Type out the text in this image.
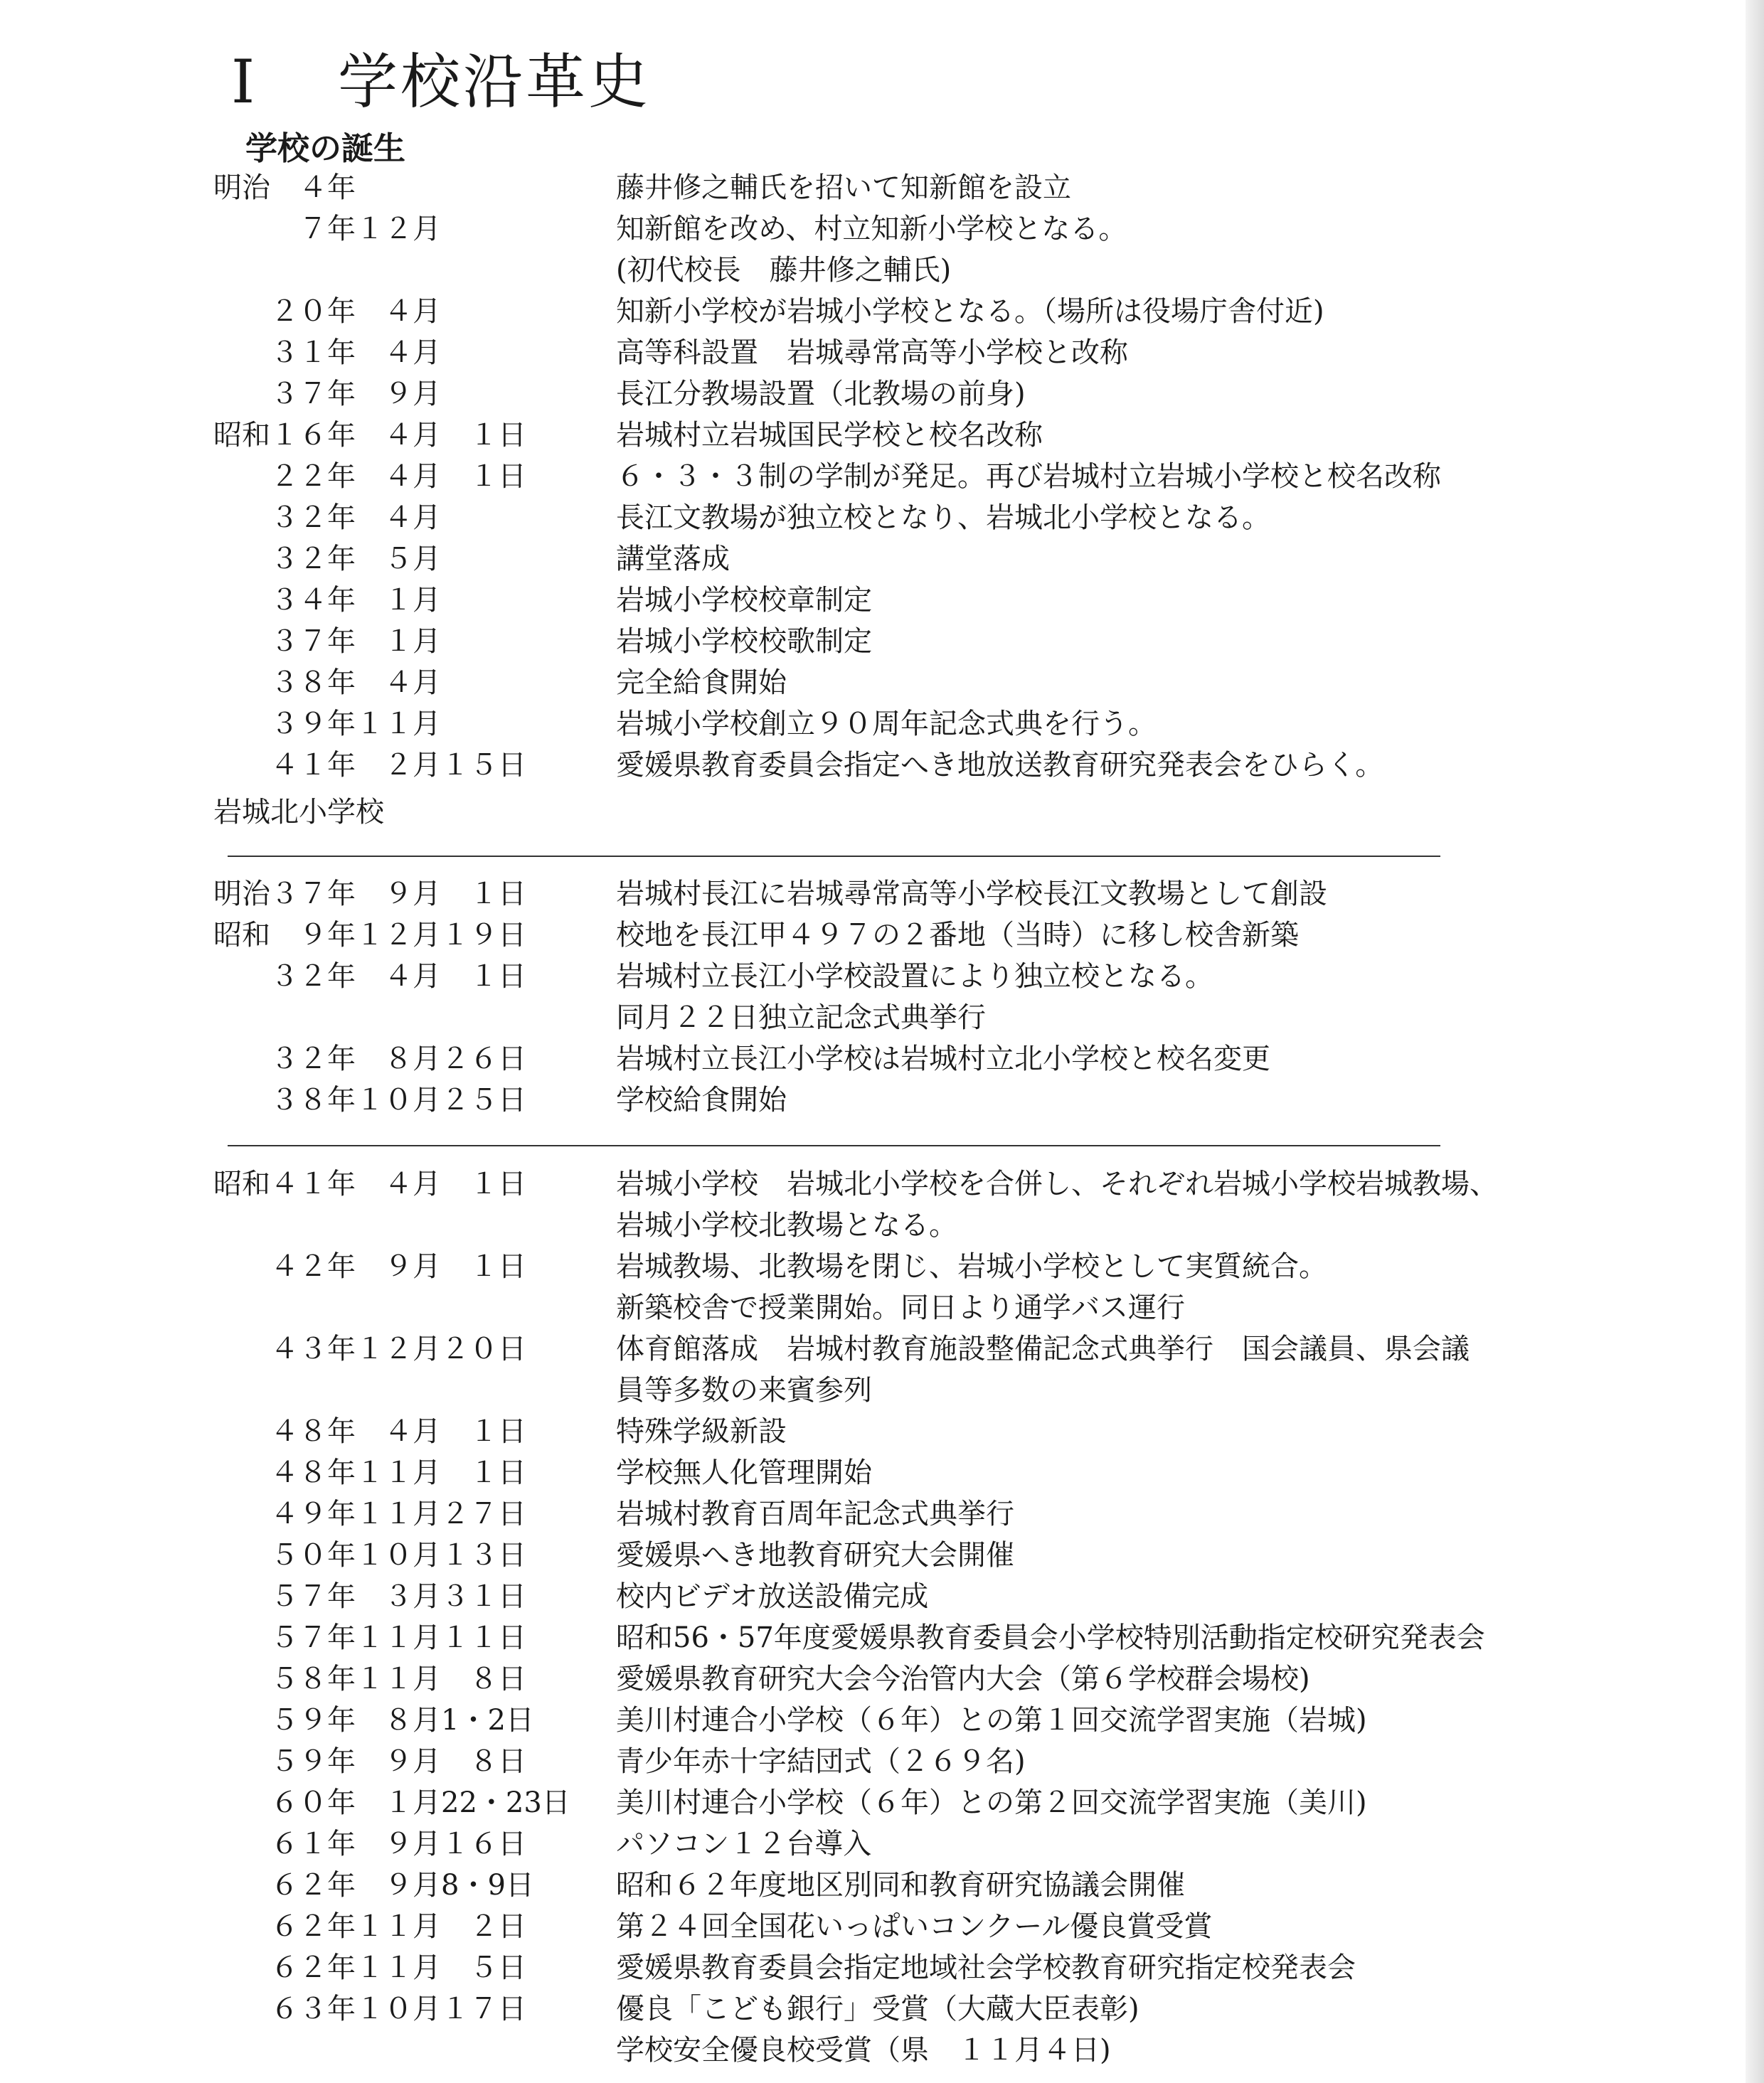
I 学校沿革史
学校の誕生
明治　４年	藤井修之輔氏を招いて知新館を設立
　　　７年１２月	知新館を改め、村立知新小学校となる。
(初代校長　藤井修之輔氏)
　　２０年　４月	知新小学校が岩城小学校となる。（場所は役場庁舎付近)
　　３１年　４月	高等科設置　岩城尋常高等小学校と改称
　　３７年　９月	長江分教場設置（北教場の前身)
昭和１６年　４月　１日	岩城村立岩城国民学校と校名改称
　　２２年　４月　１日	６・３・３制の学制が発足。再び岩城村立岩城小学校と校名改称
　　３２年　４月	長江文教場が独立校となり、岩城北小学校となる。
　　３２年　５月	講堂落成
　　３４年　１月	岩城小学校校章制定
　　３７年　１月	岩城小学校校歌制定
　　３８年　４月	完全給食開始
　　３９年１１月	岩城小学校創立９０周年記念式典を行う。
　　４１年　２月１５日	愛媛県教育委員会指定へき地放送教育研究発表会をひらく。
岩城北小学校
明治３７年　９月　１日	岩城村長江に岩城尋常高等小学校長江文教場として創設
昭和　９年１２月１９日	校地を長江甲４９７の２番地（当時）に移し校舎新築
　　３２年　４月　１日	岩城村立長江小学校設置により独立校となる。
同月２２日独立記念式典挙行
　　３２年　８月２６日	岩城村立長江小学校は岩城村立北小学校と校名変更
　　３８年１０月２５日	学校給食開始
昭和４１年　４月　１日	岩城小学校　岩城北小学校を合併し、それぞれ岩城小学校岩城教場、
岩城小学校北教場となる。
　　４２年　９月　１日	岩城教場、北教場を閉じ、岩城小学校として実質統合。
新築校舎で授業開始。同日より通学バス運行
　　４３年１２月２０日	体育館落成　岩城村教育施設整備記念式典挙行　国会議員、県会議
員等多数の来賓参列
　　４８年　４月　１日	特殊学級新設
　　４８年１１月　１日	学校無人化管理開始
　　４９年１１月２７日	岩城村教育百周年記念式典挙行
　　５０年１０月１３日	愛媛県へき地教育研究大会開催
　　５７年　３月３１日	校内ビデオ放送設備完成
　　５７年１１月１１日	昭和56・57年度愛媛県教育委員会小学校特別活動指定校研究発表会
　　５８年１１月　８日	愛媛県教育研究大会今治管内大会（第６学校群会場校)
　　５９年　８月1・2日	美川村連合小学校（６年）との第１回交流学習実施（岩城)
　　５９年　９月　８日	青少年赤十字結団式（２６９名)
　　６０年　１月22・23日 美川村連合小学校（６年）との第２回交流学習実施（美川)
　　６１年　９月１６日	パソコン１２台導入
　　６２年　９月8・9日	昭和６２年度地区別同和教育研究協議会開催
　　６２年１１月　２日	第２４回全国花いっぱいコンクール優良賞受賞
　　６２年１１月　５日	愛媛県教育委員会指定地域社会学校教育研究指定校発表会
　　６３年１０月１７日	優良「こども銀行」受賞（大蔵大臣表彰)
学校安全優良校受賞（県　１１月４日)
